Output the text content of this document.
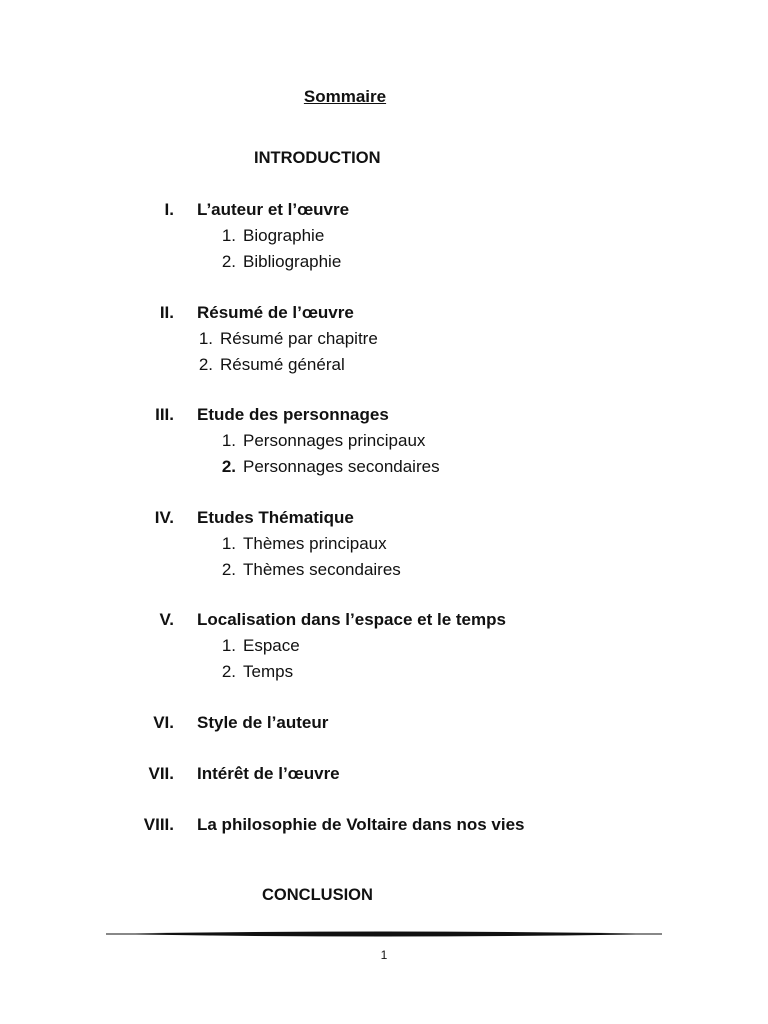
Sommaire
INTRODUCTION
I. L’auteur et l’œuvre
1. Biographie
2. Bibliographie
II. Résumé de l’œuvre
1. Résumé par chapitre
2. Résumé général
III. Etude des personnages
1. Personnages principaux
2. Personnages secondaires
IV. Etudes Thématique
1. Thèmes principaux
2. Thèmes secondaires
V. Localisation dans l’espace et le temps
1. Espace
2. Temps
VI. Style de l’auteur
VII. Intérêt de l’œuvre
VIII. La philosophie de Voltaire dans nos vies
CONCLUSION
1
